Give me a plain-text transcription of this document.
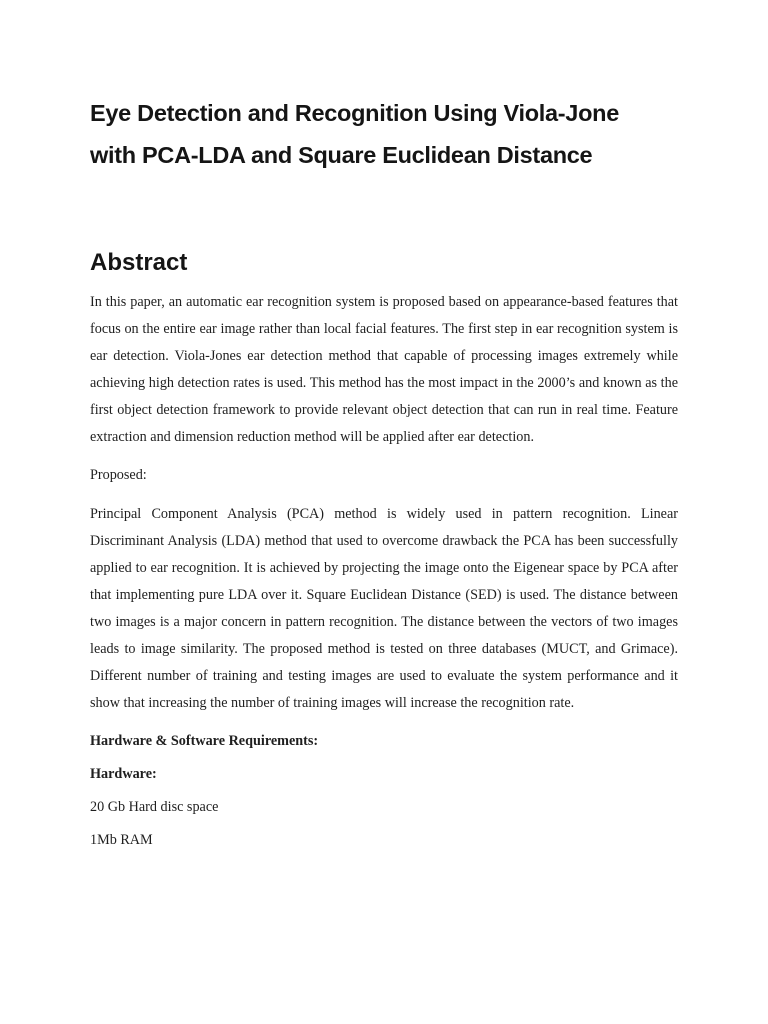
Eye Detection and Recognition Using Viola-Jone
with PCA-LDA and Square Euclidean Distance
Abstract

In this paper, an automatic ear recognition system is proposed based on appearance-based features that focus on the entire ear image rather than local facial features. The first step in ear recognition system is ear detection. Viola-Jones ear detection method that capable of processing images extremely while achieving high detection rates is used. This method has the most impact in the 2000’s and known as the first object detection framework to provide relevant object detection that can run in real time. Feature extraction and dimension reduction method will be applied after ear detection.

Proposed:

Principal Component Analysis (PCA) method is widely used in pattern recognition. Linear Discriminant Analysis (LDA) method that used to overcome drawback the PCA has been successfully applied to ear recognition. It is achieved by projecting the image onto the Eigenear space by PCA after that implementing pure LDA over it. Square Euclidean Distance (SED) is used. The distance between two images is a major concern in pattern recognition. The distance between the vectors of two images leads to image similarity. The proposed method is tested on three databases (MUCT, and Grimace). Different number of training and testing images are used to evaluate the system performance and it show that increasing the number of training images will increase the recognition rate.

Hardware & Software Requirements:

Hardware:

20 Gb Hard disc space

1Mb RAM
